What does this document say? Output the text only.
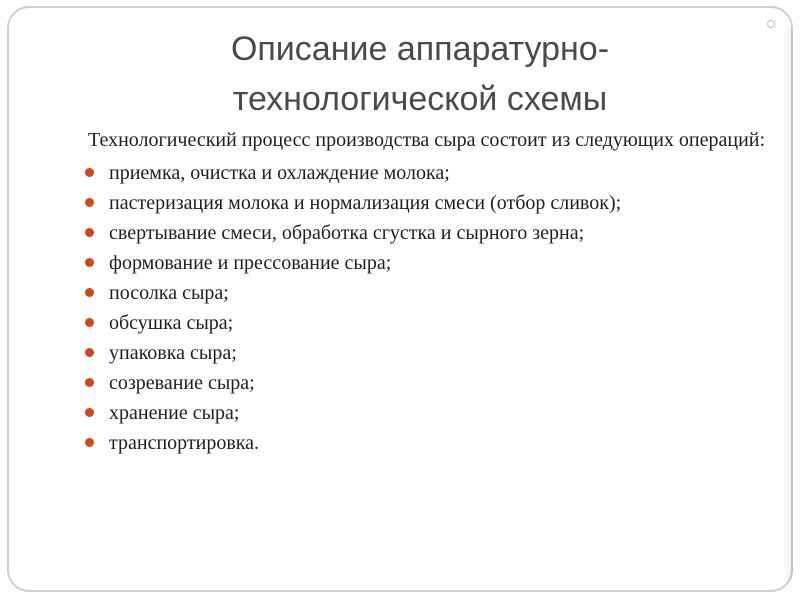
Описание аппаратурно-
технологической схемы

Технологический процесс производства сыра состоит из следующих операций:

приемка, очистка и охлаждение молока;
пастеризация молока и нормализация смеси (отбор сливок);
свертывание смеси, обработка сгустка и сырного зерна;
формование и прессование сыра;
посолка сыра;
обсушка сыра;
упаковка сыра;
созревание сыра;
хранение сыра;
транспортировка.
